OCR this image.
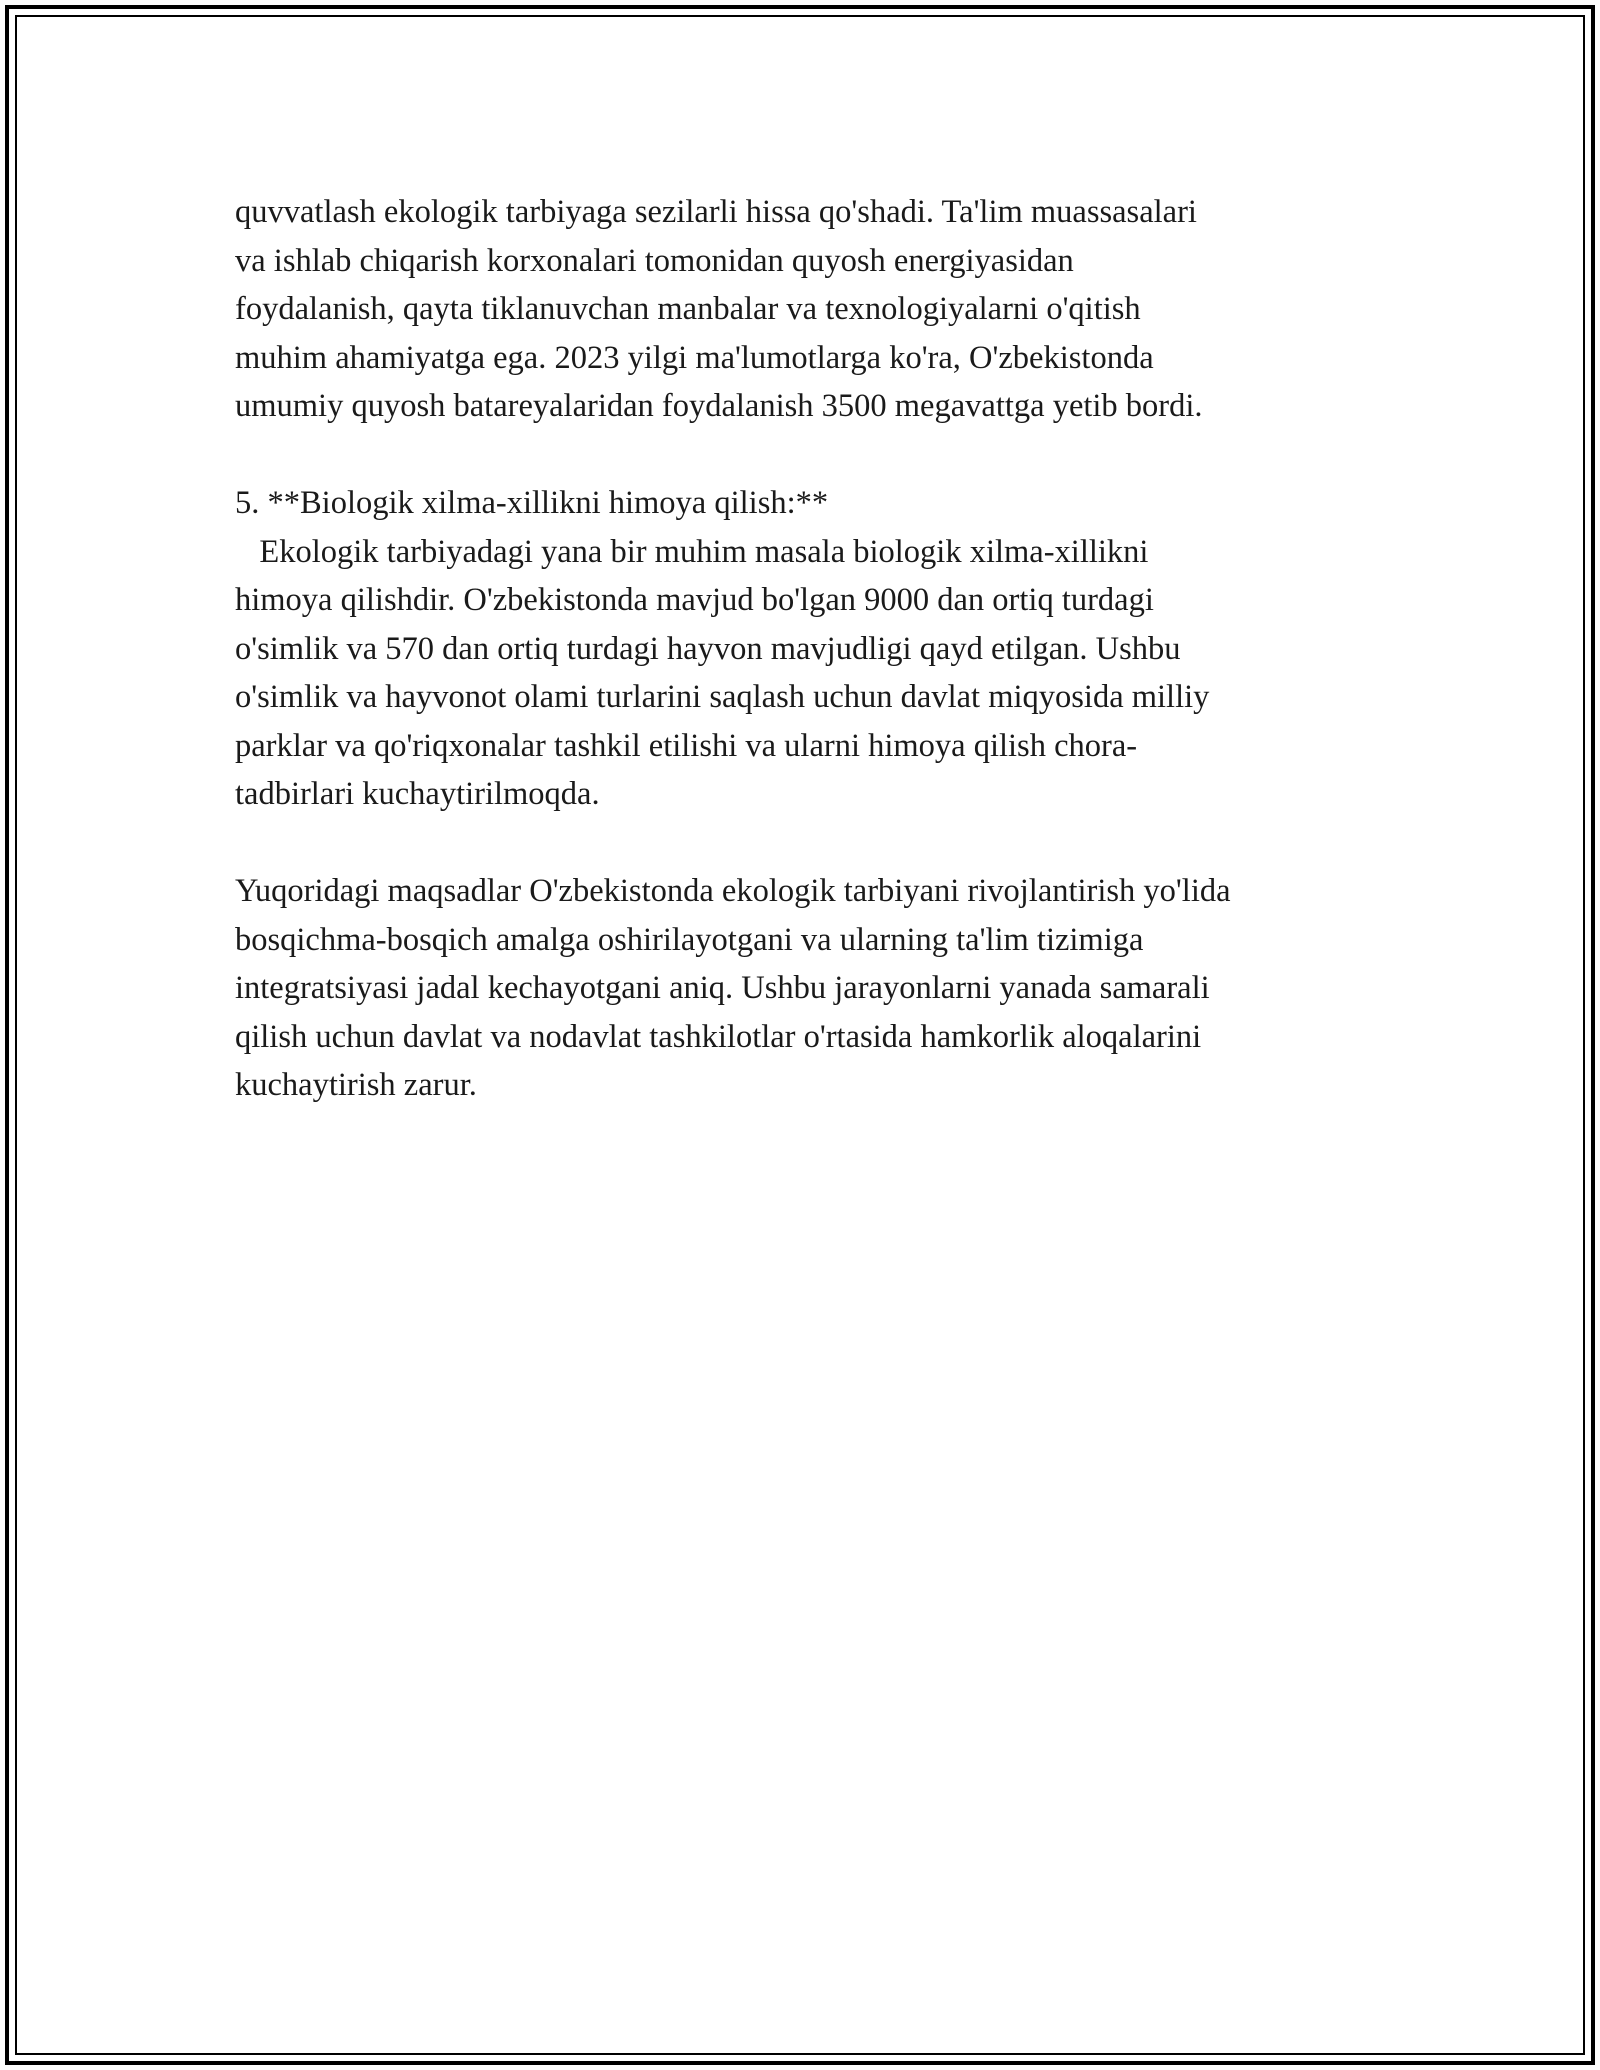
quvvatlash ekologik tarbiyaga sezilarli hissa qo'shadi. Ta'lim muassasalari
va ishlab chiqarish korxonalari tomonidan quyosh energiyasidan
foydalanish, qayta tiklanuvchan manbalar va texnologiyalarni o'qitish
muhim ahamiyatga ega. 2023 yilgi ma'lumotlarga ko'ra, O'zbekistonda
umumiy quyosh batareyalaridan foydalanish 3500 megavattga yetib bordi.
5. **Biologik xilma-xillikni himoya qilish:**
Ekologik tarbiyadagi yana bir muhim masala biologik xilma-xillikni
himoya qilishdir. O'zbekistonda mavjud bo'lgan 9000 dan ortiq turdagi
o'simlik va 570 dan ortiq turdagi hayvon mavjudligi qayd etilgan. Ushbu
o'simlik va hayvonot olami turlarini saqlash uchun davlat miqyosida milliy
parklar va qo'riqxonalar tashkil etilishi va ularni himoya qilish chora-
tadbirlari kuchaytirilmoqda.
Yuqoridagi maqsadlar O'zbekistonda ekologik tarbiyani rivojlantirish yo'lida
bosqichma-bosqich amalga oshirilayotgani va ularning ta'lim tizimiga
integratsiyasi jadal kechayotgani aniq. Ushbu jarayonlarni yanada samarali
qilish uchun davlat va nodavlat tashkilotlar o'rtasida hamkorlik aloqalarini
kuchaytirish zarur.
